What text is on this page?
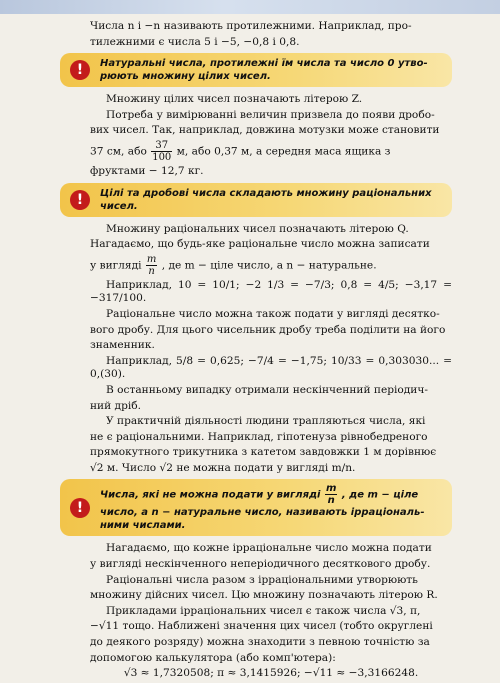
Числа n і −n називають протилежними. Наприклад, про-

тилежними є числа 5 і −5, −0,8 і 0,8.

!	Натуральні числа, протилежні їм числа та число 0 утво-
рюють множину цілих чисел.

Множину цілих чисел позначають літерою Z.

Потреба у вимірюванні величин призвела до появи дробо-

вих чисел. Так, наприклад, довжина мотузки може становити

37 см, або $\frac{37}{100} м$, або 0,37 м, а середня маса ящика з

фруктами − 12,7 кг.

!	Цілі та дробові числа складають множину раціональних
чисел.

Множину раціональних чисел позначають літерою Q.

Нагадаємо, що будь-яке раціональне число можна записати

у вигляді $\frac{m}{n}$ , де m − ціле число, a n − натуральне.

Наприклад, 10 = 10/1; −2 1/3 = −7/3; 0,8 = 4/5; −3,17 = −317/100.

Раціональне число можна також подати у вигляді десятко-

вого дробу. Для цього чисельник дробу треба поділити на його

знаменник.

Наприклад, 5/8 = 0,625; −7/4 = −1,75; 10/33 = 0,303030... = 0,(30).

В останньому випадку отримали нескінченний періодич-

ний дріб.

У практичній діяльності людини трапляються числа, які

не є раціональними. Наприклад, гіпотенуза рівнобедреного

прямокутного трикутника з катетом завдовжки 1 м дорівнює

√2 м. Число √2 не можна подати у вигляді m/n.

!
Числа, які не можна подати у вигляді $\frac{m}{n}$ , де m − ціле
число, а n − натуральне число, називають ірраціональ-
ними числами.

Нагадаємо, що кожне ірраціональне число можна подати

у вигляді нескінченного неперіодичного десяткового дробу.

Раціональні числа разом з ірраціональними утворюють

множину дійсних чисел. Цю множину позначають літерою R.

Прикладами ірраціональних чисел є також числа √3, π,

−√11 тощо. Наближені значення цих чисел (тобто округлені

до деякого розряду) можна знаходити з певною точністю за

допомогою калькулятора (або комп'ютера):

√3 ≈ 1,7320508; π ≈ 3,1415926; −√11 ≈ −3,3166248.
